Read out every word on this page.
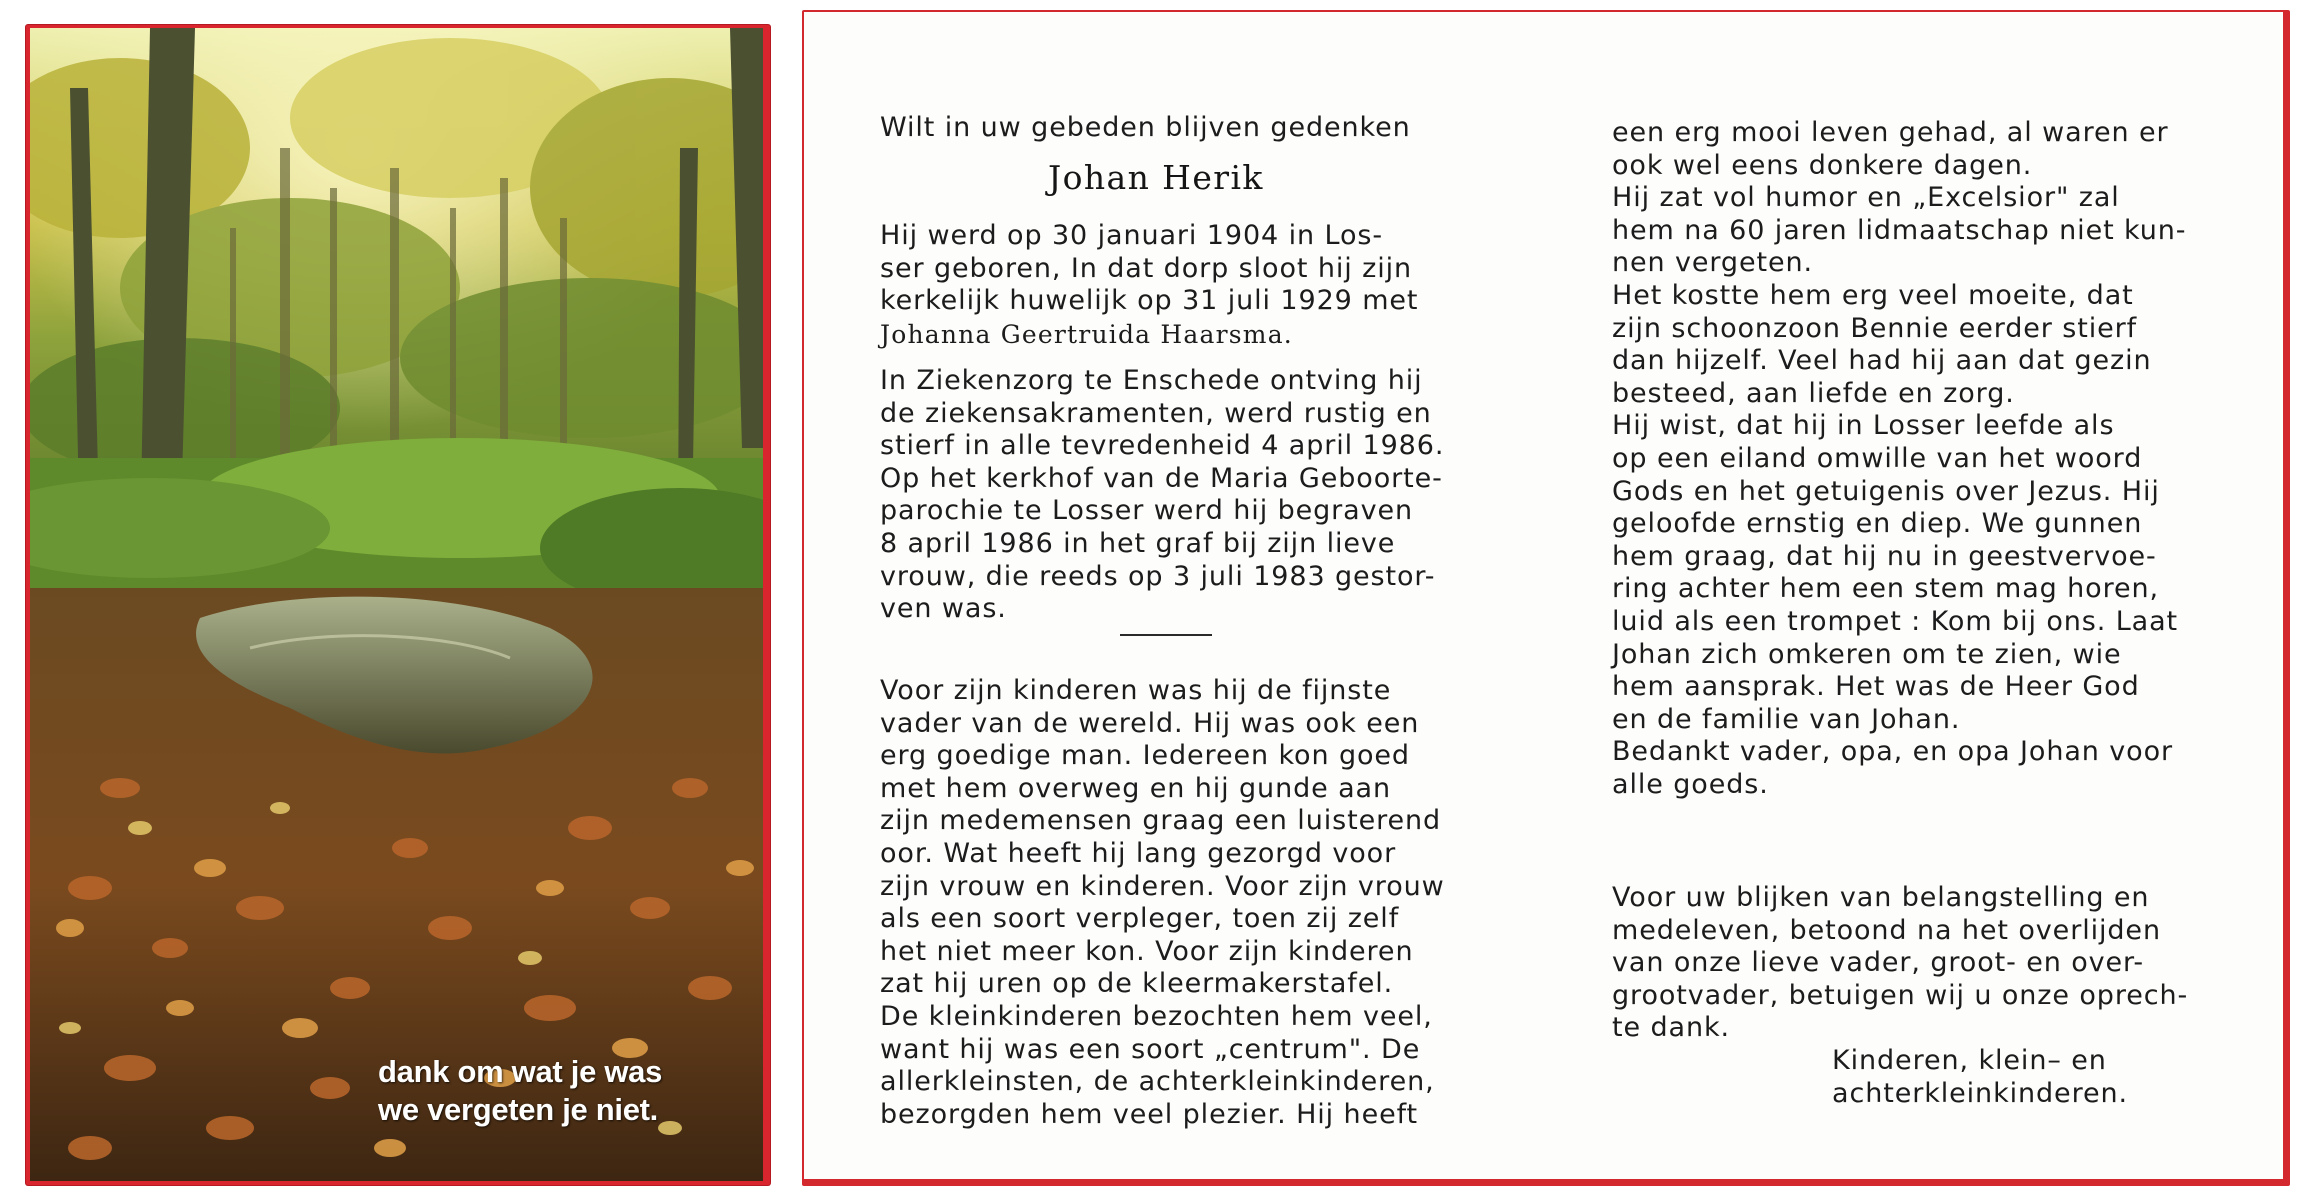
dank om wat je was
we vergeten je niet.
Wilt in uw gebeden blijven gedenken
Johan Herik
Hij werd op 30 januari 1904 in Los-
ser geboren, In dat dorp sloot hij zijn
kerkelijk huwelijk op 31 juli 1929 met
Johanna Geertruida Haarsma.
In Ziekenzorg te Enschede ontving hij
de ziekensakramenten, werd rustig en
stierf in alle tevredenheid 4 april 1986.
Op het kerkhof van de Maria Geboorte-
parochie te Losser werd hij begraven
8 april 1986 in het graf bij zijn lieve
vrouw, die reeds op 3 juli 1983 gestor-
ven was.
Voor zijn kinderen was hij de fijnste
vader van de wereld. Hij was ook een
erg goedige man. Iedereen kon goed
met hem overweg en hij gunde aan
zijn medemensen graag een luisterend
oor. Wat heeft hij lang gezorgd voor
zijn vrouw en kinderen. Voor zijn vrouw
als een soort verpleger, toen zij zelf
het niet meer kon. Voor zijn kinderen
zat hij uren op de kleermakerstafel.
De kleinkinderen bezochten hem veel,
want hij was een soort „centrum". De
allerkleinsten, de achterkleinkinderen,
bezorgden hem veel plezier. Hij heeft
een erg mooi leven gehad, al waren er
ook wel eens donkere dagen.
Hij zat vol humor en „Excelsior" zal
hem na 60 jaren lidmaatschap niet kun-
nen vergeten.
Het kostte hem erg veel moeite, dat
zijn schoonzoon Bennie eerder stierf
dan hijzelf. Veel had hij aan dat gezin
besteed, aan liefde en zorg.
Hij wist, dat hij in Losser leefde als
op een eiland omwille van het woord
Gods en het getuigenis over Jezus. Hij
geloofde ernstig en diep. We gunnen
hem graag, dat hij nu in geestvervoe-
ring achter hem een stem mag horen,
luid als een trompet : Kom bij ons. Laat
Johan zich omkeren om te zien, wie
hem aansprak. Het was de Heer God
en de familie van Johan.
Bedankt vader, opa, en opa Johan voor
alle goeds.
Voor uw blijken van belangstelling en
medeleven, betoond na het overlijden
van onze lieve vader, groot- en over-
grootvader, betuigen wij u onze oprech-
te dank.
Kinderen, klein– en
achterkleinkinderen.
